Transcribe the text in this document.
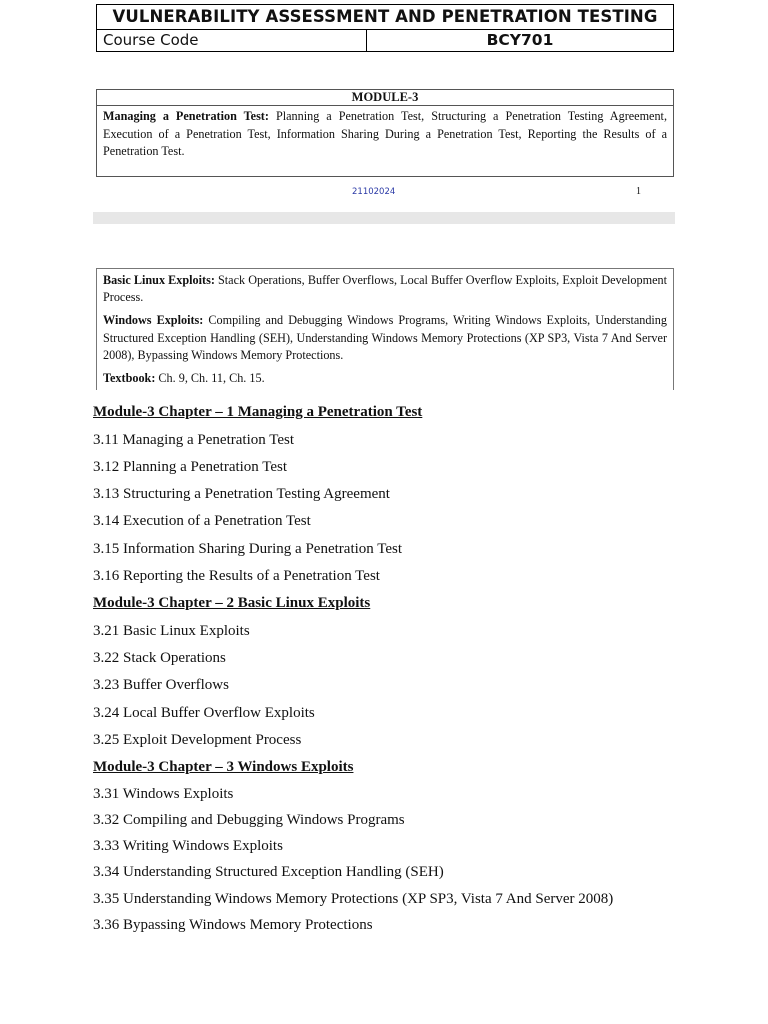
VULNERABILITY ASSESSMENT AND PENETRATION TESTING
Course Code	BCY701
MODULE-3
Managing a Penetration Test: Planning a Penetration Test, Structuring a Penetration Testing Agreement, Execution of a Penetration Test, Information Sharing During a Penetration Test, Reporting the Results of a Penetration Test.
21102024	1

Basic Linux Exploits: Stack Operations, Buffer Overflows, Local Buffer Overflow Exploits, Exploit Development Process.

Windows Exploits: Compiling and Debugging Windows Programs, Writing Windows Exploits, Understanding Structured Exception Handling (SEH), Understanding Windows Memory Protections (XP SP3, Vista 7 And Server 2008), Bypassing Windows Memory Protections.

Textbook: Ch. 9, Ch. 11, Ch. 15.

Module-3 Chapter – 1 Managing a Penetration Test
3.11 Managing a Penetration Test
3.12 Planning a Penetration Test
3.13 Structuring a Penetration Testing Agreement
3.14 Execution of a Penetration Test
3.15 Information Sharing During a Penetration Test
3.16 Reporting the Results of a Penetration Test
Module-3 Chapter – 2 Basic Linux Exploits
3.21 Basic Linux Exploits
3.22 Stack Operations
3.23 Buffer Overflows
3.24 Local Buffer Overflow Exploits
3.25 Exploit Development Process
Module-3 Chapter – 3 Windows Exploits
3.31 Windows Exploits
3.32 Compiling and Debugging Windows Programs
3.33 Writing Windows Exploits
3.34 Understanding Structured Exception Handling (SEH)
3.35 Understanding Windows Memory Protections (XP SP3, Vista 7 And Server 2008)
3.36 Bypassing Windows Memory Protections
